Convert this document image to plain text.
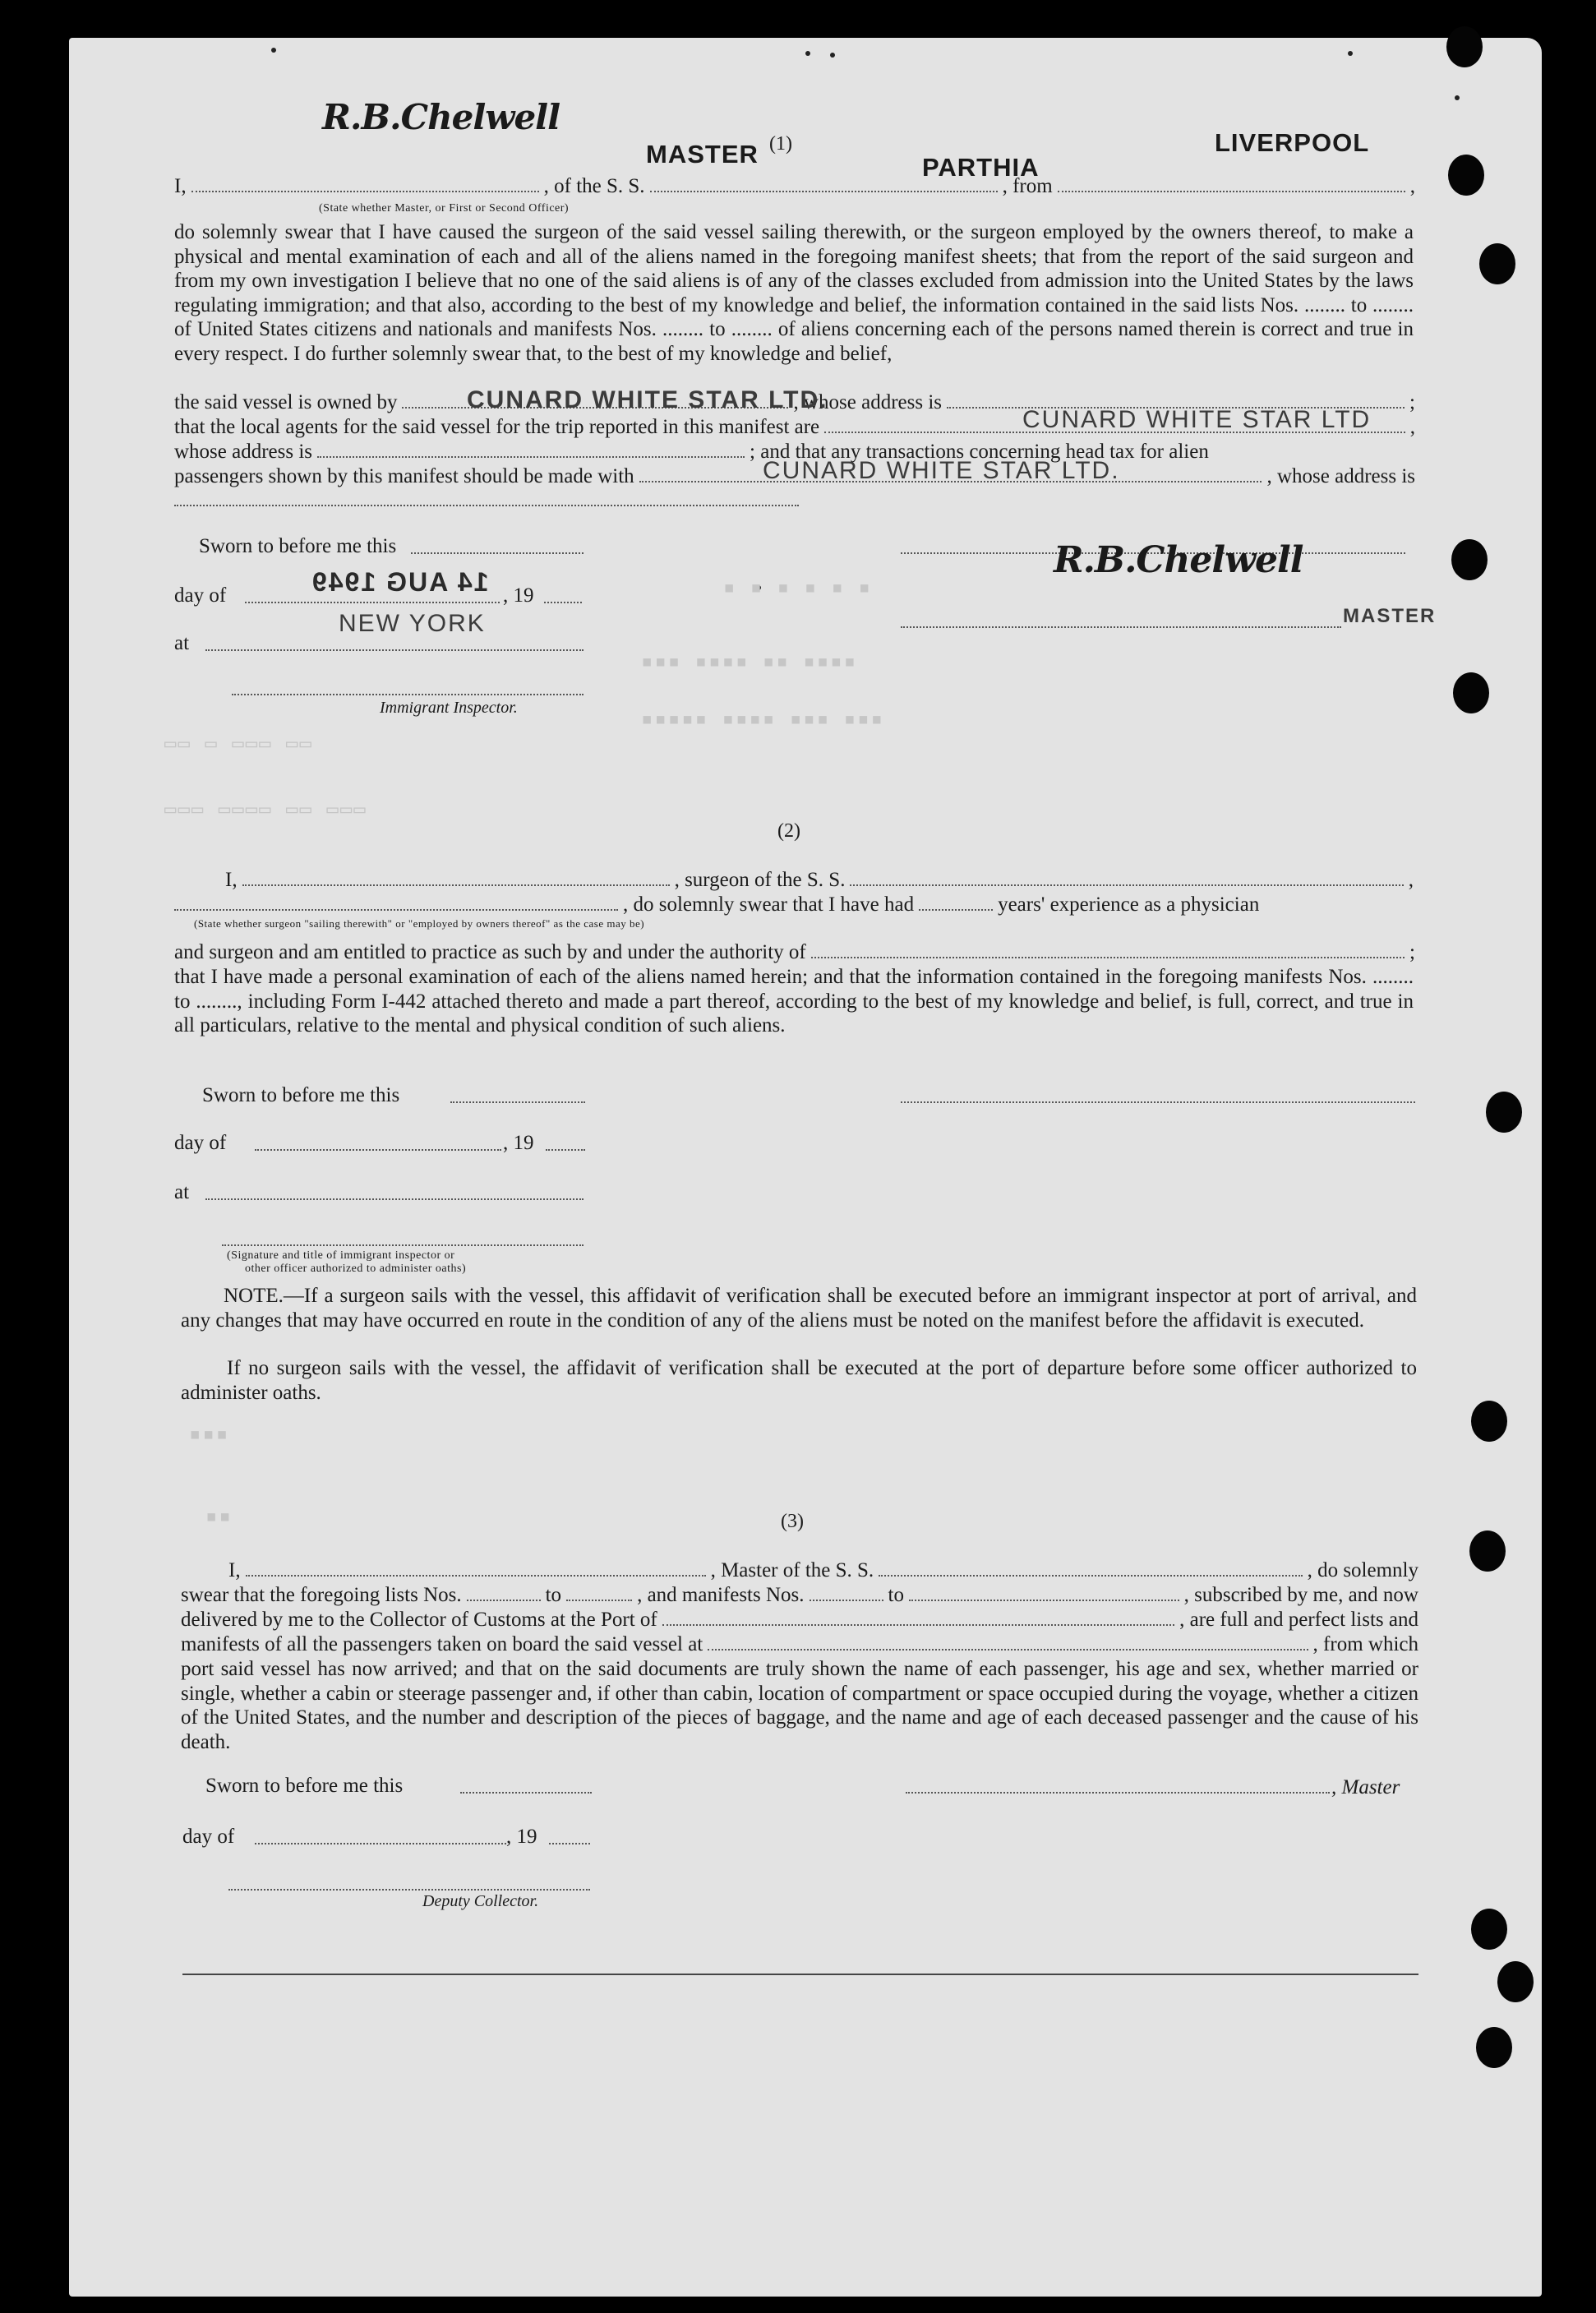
▪ ▪ ▪ ▪ ▪ ▪
▪▪▪ ▪▪▪▪ ▪▪ ▪▪▪▪
▪▪▪▪▪ ▪▪▪▪ ▪▪▪ ▪▪▪
▭▭ ▭ ▭▭▭ ▭▭
▭▭▭ ▭▭▭▭ ▭▭ ▭▭▭
▪▪▪
▪▪
R.B.Chelwell
MASTER (1)
PARTHIA
LIVERPOOL
I,	, of the S. S.	, from	,
(State whether Master, or First or Second Officer)
do solemnly swear that I have caused the surgeon of the said vessel sailing therewith, or the surgeon employed by the owners thereof, to make a physical and mental examination of each and all of the aliens named in the foregoing manifest sheets; that from the report of the said surgeon and from my own investigation I believe that no one of the said aliens is of any of the classes excluded from admission into the United States by the laws regulating immigration; and that also, according to the best of my knowledge and belief, the information contained in the said lists Nos. ........ to ........ of United States citizens and nationals and manifests Nos. ........ to ........ of aliens concerning each of the persons named therein is correct and true in every respect. I do further solemnly swear that, to the best of my knowledge and belief,
the said vessel is owned by	, whose address is	;
CUNARD WHITE STAR LTD.
that the local agents for the said vessel for the trip reported in this manifest are	,
CUNARD WHITE STAR LTD
whose address is	; and that any transactions concerning head tax for alien
passengers shown by this manifest should be made with	, whose address is
CUNARD WHITE STAR LTD.
Sworn to before me this
day of	14 AUG 1949 , 19
at
NEW YORK
R.B.Chelwell
MASTER
Immigrant Inspector.
(2)
I,	, surgeon of the S. S.	,
, do solemnly swear that I have had	years' experience as a physician
(State whether surgeon "sailing therewith" or "employed by owners thereof" as the case may be)
and surgeon and am entitled to practice as such by and under the authority of	;
that I have made a personal examination of each of the aliens named herein; and that the information contained in the foregoing manifests Nos. ........ to ........, including Form I-442 attached thereto and made a part thereof, according to the best of my knowledge and belief, is full, correct, and true in all particulars, relative to the mental and physical condition of such aliens.
Sworn to before me this
day of	, 19
at
(Signature and title of immigrant inspector or
other officer authorized to administer oaths)
NOTE.—If a surgeon sails with the vessel, this affidavit of verification shall be executed before an immigrant inspector at port of arrival, and any changes that may have occurred en route in the condition of any of the aliens must be noted on the manifest before the affidavit is executed.
If no surgeon sails with the vessel, the affidavit of verification shall be executed at the port of departure before some officer authorized to administer oaths.
(3)
I,	, Master of the S. S.	, do solemnly
swear that the foregoing lists Nos.	to	, and manifests Nos.	to	, subscribed by me, and now
delivered by me to the Collector of Customs at the Port of	, are full and perfect lists and
manifests of all the passengers taken on board the said vessel at	, from which
port said vessel has now arrived; and that on the said documents are truly shown the name of each passenger, his age and sex, whether married or single, whether a cabin or steerage passenger and, if other than cabin, location of compartment or space occupied during the voyage, whether a citizen of the United States, and the number and description of the pieces of baggage, and the name and age of each deceased passenger and the cause of his death.
Sworn to before me this	, Master
day of	, 19
Deputy Collector.
